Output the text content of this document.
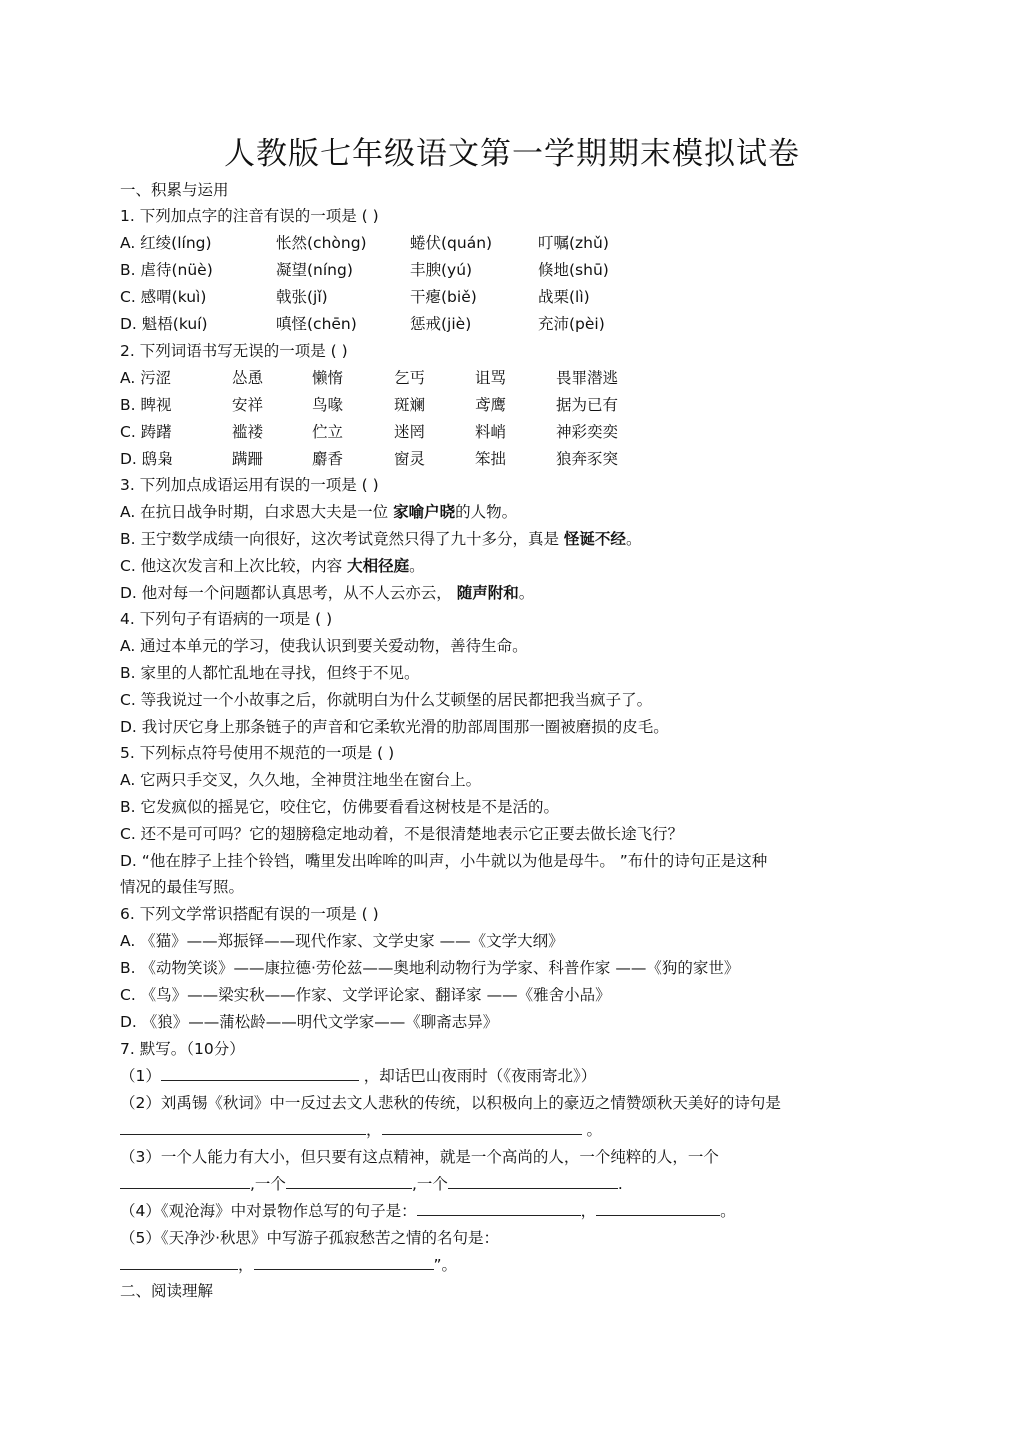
人教版七年级语文第一学期期末模拟试卷
一、积累与运用
1. 下列加点字的注音有误的一项是 ( )
A. 红绫(líng)	怅然(chòng)	蜷伏(quán)	叮嘱(zhǔ)
B. 虐待(nüè)	凝望(níng)	丰腴(yú)	倏地(shū)
C. 感喟(kuì)	戟张(jǐ)	干瘪(biě)	战栗(lì)
D. 魁梧(kuí)	嗔怪(chēn)	惩戒(jiè)	充沛(pèi)
2. 下列词语书写无误的一项是 ( )
A. 污涩	怂恿	懒惰	乞丐	诅骂	畏罪潜逃
B. 睥视	安祥	鸟喙	斑斓	鸢鹰	据为已有
C. 踌躇	褴褛	伫立	迷罔	料峭	神彩奕奕
D. 鸱枭	蹒跚	麝香	窗灵	笨拙	狼奔豕突
3. 下列加点成语运用有误的一项是 ( )
A. 在抗日战争时期，白求恩大夫是一位 家喻户晓的人物。
B. 王宁数学成绩一向很好，这次考试竟然只得了九十多分，真是 怪诞不经。
C. 他这次发言和上次比较，内容 大相径庭。
D. 他对每一个问题都认真思考，从不人云亦云， 随声附和。
4. 下列句子有语病的一项是 ( )
A. 通过本单元的学习，使我认识到要关爱动物，善待生命。
B. 家里的人都忙乱地在寻找，但终于不见。
C. 等我说过一个小故事之后，你就明白为什么艾顿堡的居民都把我当疯子了。
D. 我讨厌它身上那条链子的声音和它柔软光滑的肋部周围那一圈被磨损的皮毛。
5. 下列标点符号使用不规范的一项是 ( )
A. 它两只手交叉，久久地，全神贯注地坐在窗台上。
B. 它发疯似的摇晃它，咬住它，仿佛要看看这树枝是不是活的。
C. 还不是可可吗？它的翅膀稳定地动着，不是很清楚地表示它正要去做长途飞行？
D. “他在脖子上挂个铃铛，嘴里发出哞哞的叫声，小牛就以为他是母牛。 ”布什的诗句正是这种
情况的最佳写照。
6. 下列文学常识搭配有误的一项是 ( )
A. 《猫》——郑振铎——现代作家、文学史家 ——《文学大纲》
B. 《动物笑谈》——康拉德·劳伦兹——奥地利动物行为学家、科普作家 ——《狗的家世》
C. 《鸟》——梁实秋——作家、文学评论家、翻译家 ——《雅舍小品》
D. 《狼》——蒲松龄——明代文学家——《聊斋志异》
7. 默写。（10分）
（1）	，却话巴山夜雨时（《夜雨寄北》）
（2）刘禹锡《秋词》中一反过去文人悲秋的传统，以积极向上的豪迈之情赞颂秋天美好的诗句是
，	。
（3）一个人能力有大小，但只要有这点精神，就是一个高尚的人，一个纯粹的人，一个
,一个	,一个	.
（4）《观沧海》中对景物作总写的句子是：	，	。
（5）《天净沙·秋思》中写游子孤寂愁苦之情的名句是：
，	”。
二、阅读理解
